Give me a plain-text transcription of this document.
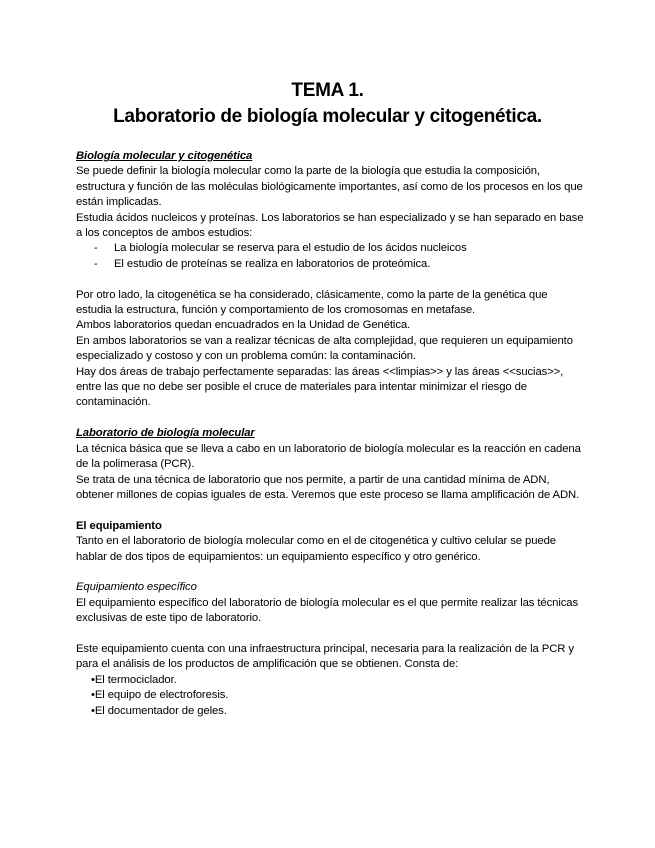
TEMA 1.
Laboratorio de biología molecular y citogenética.

Biología molecular y citogenética

Se puede definir la biología molecular como la parte de la biología que estudia la composición, estructura y función de las moléculas biológicamente importantes, así como de los procesos en los que están implicadas.

Estudia ácidos nucleicos y proteínas. Los laboratorios se han especializado y se han separado en base a los conceptos de ambos estudios:

- La biología molecular se reserva para el estudio de los ácidos nucleicos
- El estudio de proteínas se realiza en laboratorios de proteómica.

Por otro lado, la citogenética se ha considerado, clásicamente, como la parte de la genética que estudia la estructura, función y comportamiento de los cromosomas en metafase.

Ambos laboratorios quedan encuadrados en la Unidad de Genética.

En ambos laboratorios se van a realizar técnicas de alta complejidad, que requieren un equipamiento especializado y costoso y con un problema común: la contaminación.

Hay dos áreas de trabajo perfectamente separadas: las áreas <<limpias>> y las áreas <<sucias>>, entre las que no debe ser posible el cruce de materiales para intentar minimizar el riesgo de contaminación.

Laboratorio de biología molecular

La técnica básica que se lleva a cabo en un laboratorio de biología molecular es la reacción en cadena de la polimerasa (PCR).

Se trata de una técnica de laboratorio que nos permite, a partir de una cantidad mínima de ADN, obtener millones de copias iguales de esta. Veremos que este proceso se llama amplificación de ADN.

El equipamiento

Tanto en el laboratorio de biología molecular como en el de citogenética y cultivo celular se puede hablar de dos tipos de equipamientos: un equipamiento específico y otro genérico.

Equipamiento específico

El equipamiento específico del laboratorio de biología molecular es el que permite realizar las técnicas exclusivas de este tipo de laboratorio.

Este equipamiento cuenta con una infraestructura principal, necesaria para la realización de la PCR y para el análisis de los productos de amplificación que se obtienen. Consta de:

•El termociclador.
•El equipo de electroforesis.
•El documentador de geles.
